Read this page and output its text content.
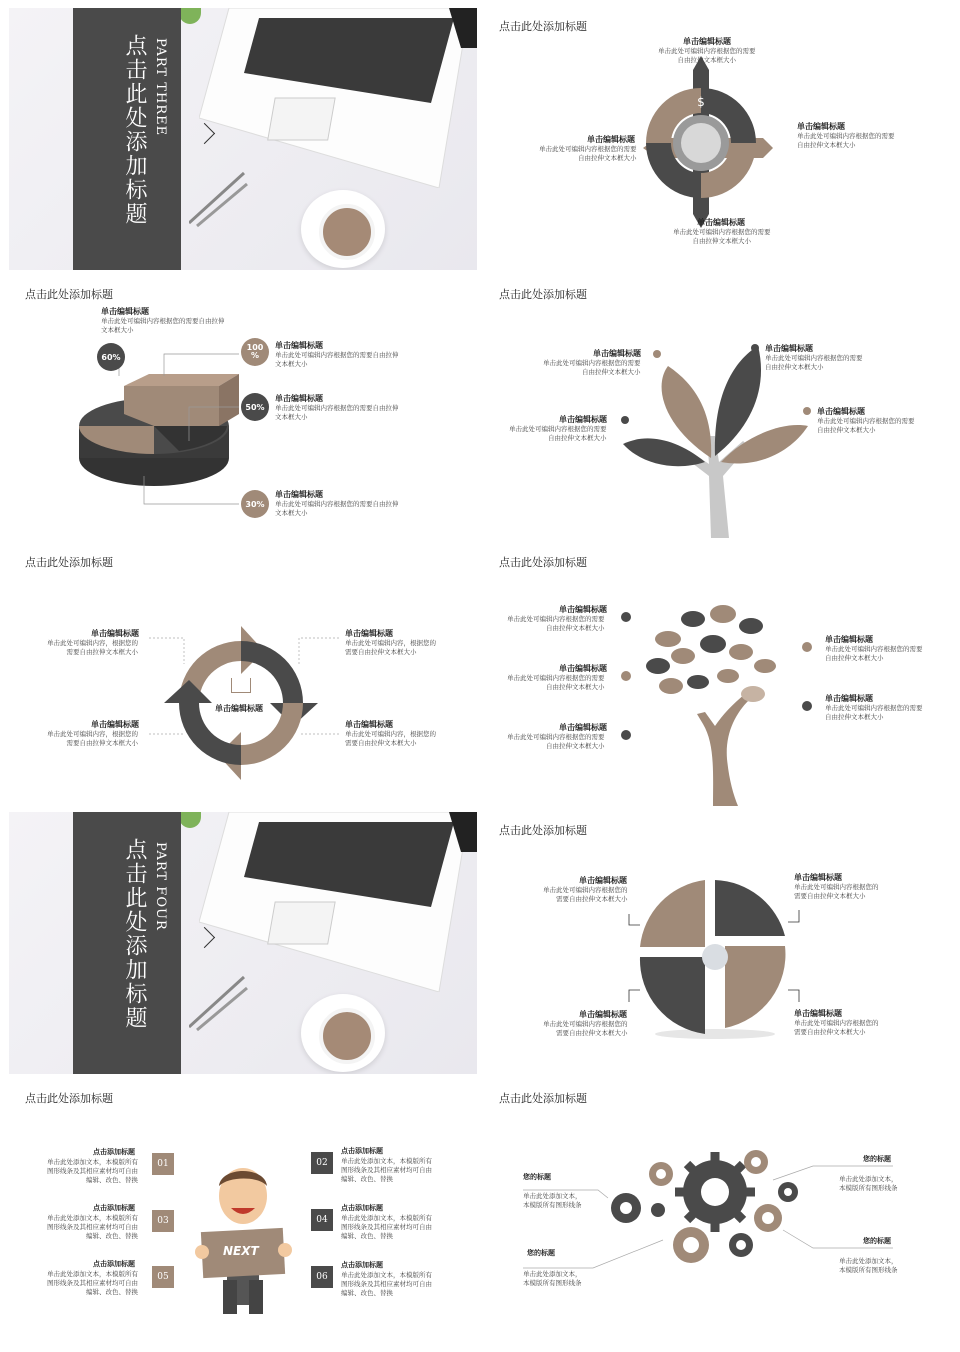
点击此处添加标题 PART THREE
点击此处添加标题
$
单击编辑标题
单击此处可编辑内容根据您的需要
自由拉伸文本框大小
单击编辑标题
单击此处可编辑内容根据您的需要
自由拉伸文本框大小
单击编辑标题
单击此处可编辑内容根据您的需要
自由拉伸文本框大小
单击编辑标题
单击此处可编辑内容根据您的需要
自由拉伸文本框大小
点击此处添加标题
单击编辑标题
单击此处可编辑内容根据您的需要自由拉伸
文本框大小
60%
100
%
单击编辑标题
单击此处可编辑内容根据您的需要自由拉伸
文本框大小
50%
单击编辑标题
单击此处可编辑内容根据您的需要自由拉伸
文本框大小
30%
单击编辑标题
单击此处可编辑内容根据您的需要自由拉伸
文本框大小
点击此处添加标题
单击编辑标题
单击此处可编辑内容根据您的需要
自由拉伸文本框大小
单击编辑标题
单击此处可编辑内容根据您的需要
自由拉伸文本框大小
单击编辑标题
单击此处可编辑内容根据您的需要
自由拉伸文本框大小
单击编辑标题
单击此处可编辑内容根据您的需要
自由拉伸文本框大小
点击此处添加标题
单击编辑标题
单击编辑标题
单击此处可编辑内容，根据您的
需要自由拉伸文本框大小
单击编辑标题
单击此处可编辑内容，根据您的
需要自由拉伸文本框大小
单击编辑标题
单击此处可编辑内容，根据您的
需要自由拉伸文本框大小
单击编辑标题
单击此处可编辑内容，根据您的
需要自由拉伸文本框大小
点击此处添加标题
单击编辑标题
单击此处可编辑内容根据您的需要
自由拉伸文本框大小
单击编辑标题
单击此处可编辑内容根据您的需要
自由拉伸文本框大小
单击编辑标题
单击此处可编辑内容根据您的需要
自由拉伸文本框大小
单击编辑标题
单击此处可编辑内容根据您的需要
自由拉伸文本框大小
单击编辑标题
单击此处可编辑内容根据您的需要
自由拉伸文本框大小
点击此处添加标题 PART FOUR
点击此处添加标题
单击编辑标题
单击此处可编辑内容根据您的
需要自由拉伸文本框大小
单击编辑标题
单击此处可编辑内容根据您的
需要自由拉伸文本框大小
单击编辑标题
单击此处可编辑内容根据您的
需要自由拉伸文本框大小
单击编辑标题
单击此处可编辑内容根据您的
需要自由拉伸文本框大小
点击此处添加标题
NEXT
01
点击添加标题
单击此处添加文本，本模版所有
图形线条及其相应素材均可自由
编辑、改色、替换
03
点击添加标题
单击此处添加文本，本模版所有
图形线条及其相应素材均可自由
编辑、改色、替换
05
点击添加标题
单击此处添加文本，本模版所有
图形线条及其相应素材均可自由
编辑、改色、替换
02
点击添加标题
单击此处添加文本，本模版所有
图形线条及其相应素材均可自由
编辑、改色、替换
04
点击添加标题
单击此处添加文本，本模版所有
图形线条及其相应素材均可自由
编辑、改色、替换
06
点击添加标题
单击此处添加文本，本模版所有
图形线条及其相应素材均可自由
编辑、改色、替换
点击此处添加标题
您的标题
单击此处添加文本，
本模版所有图形线条
您的标题
单击此处添加文本，
本模版所有图形线条
您的标题
单击此处添加文本，
本模版所有图形线条
您的标题
单击此处添加文本，
本模版所有图形线条
